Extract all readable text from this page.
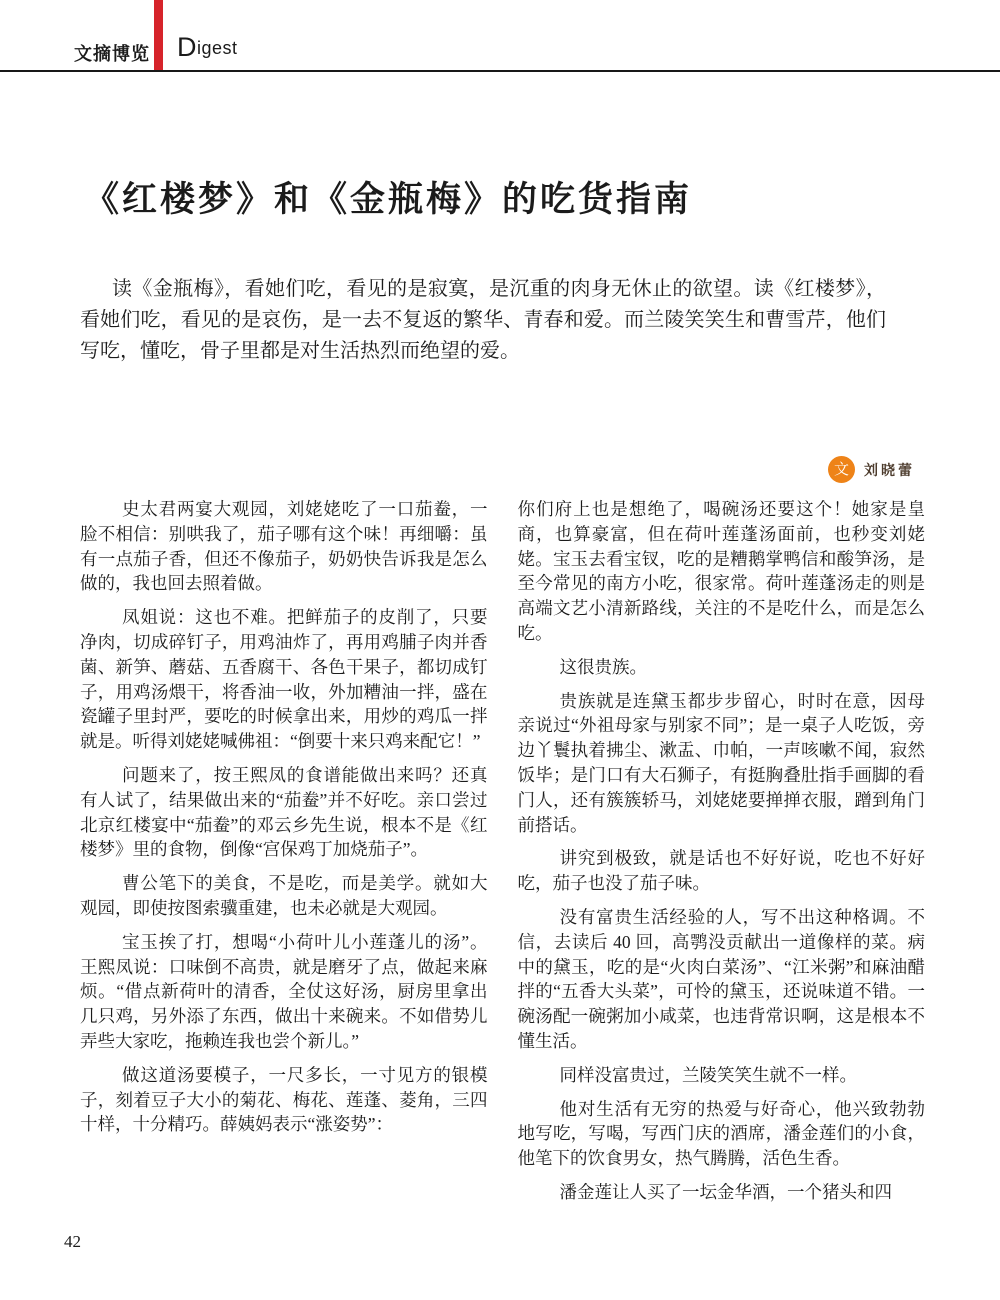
文摘博览 Digest
《红楼梦》和《金瓶梅》的吃货指南

读《金瓶梅》，看她们吃，看见的是寂寞，是沉重的肉身无休止的欲望。读《红楼梦》，看她们吃，看见的是哀伤，是一去不复返的繁华、青春和爱。而兰陵笑笑生和曹雪芹，他们写吃，懂吃，骨子里都是对生活热烈而绝望的爱。

文	刘晓蕾

史太君两宴大观园，刘姥姥吃了一口茄鲞，一脸不相信：别哄我了，茄子哪有这个味！再细嚼：虽有一点茄子香，但还不像茄子，奶奶快告诉我是怎么做的，我也回去照着做。

凤姐说：这也不难。把鲜茄子的皮削了，只要净肉，切成碎钉子，用鸡油炸了，再用鸡脯子肉并香菌、新笋、蘑菇、五香腐干、各色干果子，都切成钉子，用鸡汤煨干，将香油一收，外加糟油一拌，盛在瓷罐子里封严，要吃的时候拿出来，用炒的鸡瓜一拌就是。听得刘姥姥喊佛祖：“倒要十来只鸡来配它！”

问题来了，按王熙凤的食谱能做出来吗？还真有人试了，结果做出来的“茄鲞”并不好吃。亲口尝过北京红楼宴中“茄鲞”的邓云乡先生说，根本不是《红楼梦》里的食物，倒像“宫保鸡丁加烧茄子”。

曹公笔下的美食，不是吃，而是美学。就如大观园，即使按图索骥重建，也未必就是大观园。

宝玉挨了打，想喝“小荷叶儿小莲蓬儿的汤”。王熙凤说：口味倒不高贵，就是磨牙了点，做起来麻烦。“借点新荷叶的清香，全仗这好汤，厨房里拿出几只鸡，另外添了东西，做出十来碗来。不如借势儿弄些大家吃，拖赖连我也尝个新儿。”

做这道汤要模子，一尺多长，一寸见方的银模子，刻着豆子大小的菊花、梅花、莲蓬、菱角，三四十样，十分精巧。薛姨妈表示“涨姿势”：

你们府上也是想绝了，喝碗汤还要这个！她家是皇商，也算豪富，但在荷叶莲蓬汤面前，也秒变刘姥姥。宝玉去看宝钗，吃的是糟鹅掌鸭信和酸笋汤，是至今常见的南方小吃，很家常。荷叶莲蓬汤走的则是高端文艺小清新路线，关注的不是吃什么，而是怎么吃。

这很贵族。

贵族就是连黛玉都步步留心，时时在意，因母亲说过“外祖母家与别家不同”；是一桌子人吃饭，旁边丫鬟执着拂尘、漱盂、巾帕，一声咳嗽不闻，寂然饭毕；是门口有大石狮子，有挺胸叠肚指手画脚的看门人，还有簇簇轿马，刘姥姥要掸掸衣服，蹭到角门前搭话。

讲究到极致，就是话也不好好说，吃也不好好吃，茄子也没了茄子味。

没有富贵生活经验的人，写不出这种格调。不信，去读后 40 回，高鹗没贡献出一道像样的菜。病中的黛玉，吃的是“火肉白菜汤”、“江米粥”和麻油醋拌的“五香大头菜”，可怜的黛玉，还说味道不错。一碗汤配一碗粥加小咸菜，也违背常识啊，这是根本不懂生活。

同样没富贵过，兰陵笑笑生就不一样。

他对生活有无穷的热爱与好奇心，他兴致勃勃地写吃，写喝，写西门庆的酒席，潘金莲们的小食，他笔下的饮食男女，热气腾腾，活色生香。

潘金莲让人买了一坛金华酒，一个猪头和四

42
